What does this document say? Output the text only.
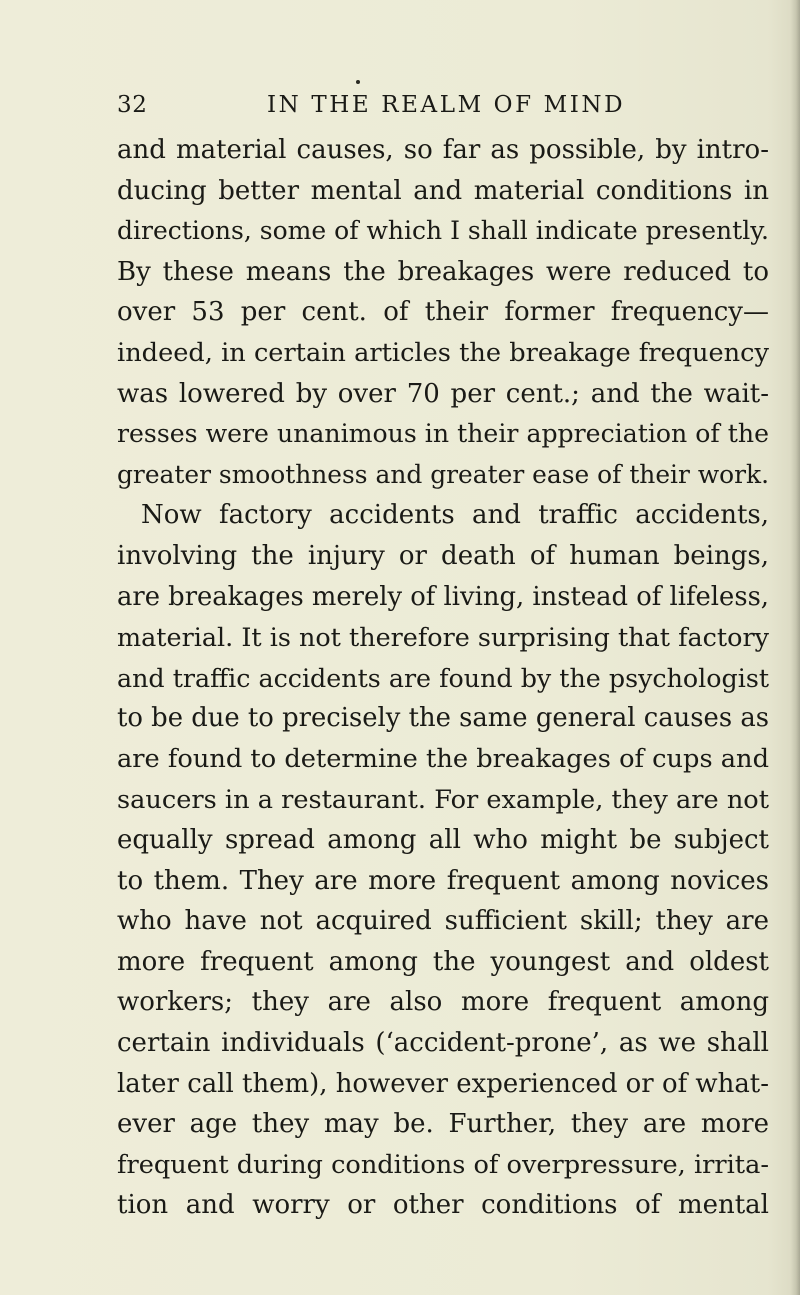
32	IN THE REALM OF MIND
and material causes, so far as possible, by intro-
ducing better mental and material conditions in
directions, some of which I shall indicate presently.
By these means the breakages were reduced to
over 53 per cent. of their former frequency—
indeed, in certain articles the breakage frequency
was lowered by over 70 per cent.; and the wait-
resses were unanimous in their appreciation of the
greater smoothness and greater ease of their work.
Now factory accidents and traffic accidents,
involving the injury or death of human beings,
are breakages merely of living, instead of lifeless,
material. It is not therefore surprising that factory
and traffic accidents are found by the psychologist
to be due to precisely the same general causes as
are found to determine the breakages of cups and
saucers in a restaurant. For example, they are not
equally spread among all who might be subject
to them. They are more frequent among novices
who have not acquired sufficient skill; they are
more frequent among the youngest and oldest
workers; they are also more frequent among
certain individuals (‘accident-prone’, as we shall
later call them), however experienced or of what-
ever age they may be. Further, they are more
frequent during conditions of overpressure, irrita-
tion and worry or other conditions of mental
